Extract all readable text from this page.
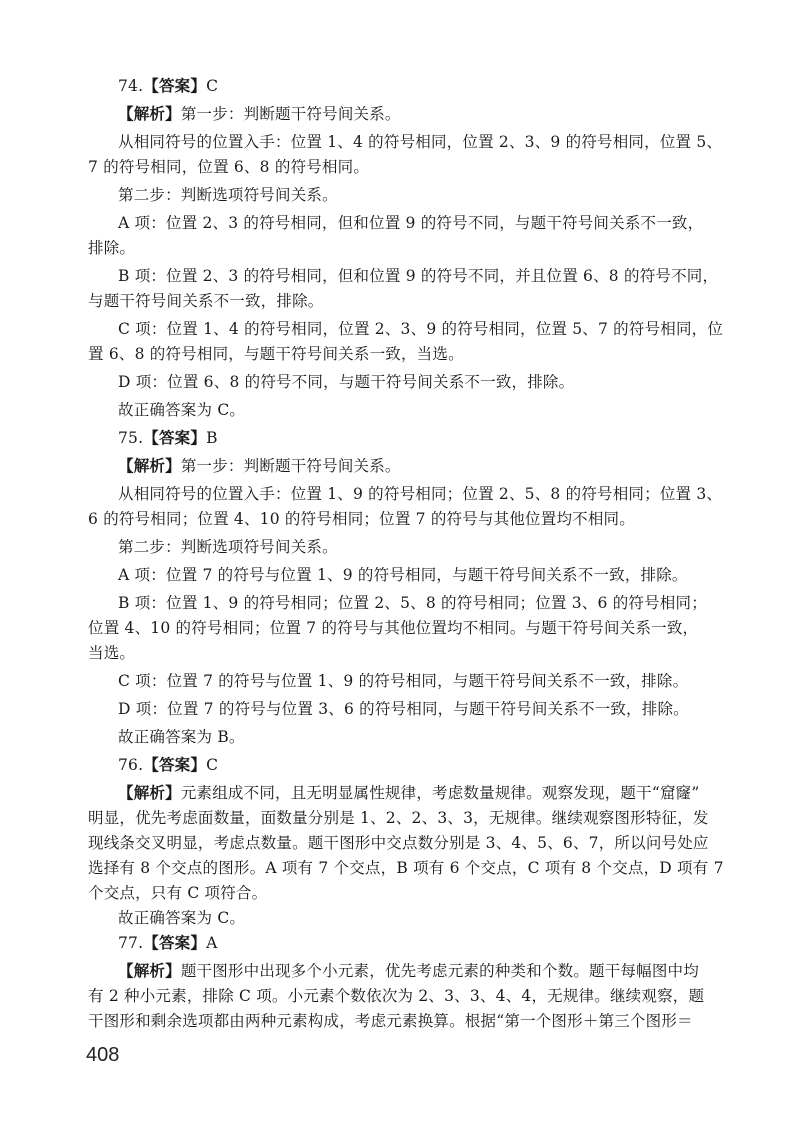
74.【答案】C
【解析】第一步：判断题干符号间关系。
从相同符号的位置入手：位置 1、4 的符号相同，位置 2、3、9 的符号相同，位置 5、
7 的符号相同，位置 6、8 的符号相同。
第二步：判断选项符号间关系。
A 项：位置 2、3 的符号相同，但和位置 9 的符号不同，与题干符号间关系不一致，
排除。
B 项：位置 2、3 的符号相同，但和位置 9 的符号不同，并且位置 6、8 的符号不同，
与题干符号间关系不一致，排除。
C 项：位置 1、4 的符号相同，位置 2、3、9 的符号相同，位置 5、7 的符号相同，位
置 6、8 的符号相同，与题干符号间关系一致，当选。
D 项：位置 6、8 的符号不同，与题干符号间关系不一致，排除。
故正确答案为 C。
75.【答案】B
【解析】第一步：判断题干符号间关系。
从相同符号的位置入手：位置 1、9 的符号相同；位置 2、5、8 的符号相同；位置 3、
6 的符号相同；位置 4、10 的符号相同；位置 7 的符号与其他位置均不相同。
第二步：判断选项符号间关系。
A 项：位置 7 的符号与位置 1、9 的符号相同，与题干符号间关系不一致，排除。
B 项：位置 1、9 的符号相同；位置 2、5、8 的符号相同；位置 3、6 的符号相同；
位置 4、10 的符号相同；位置 7 的符号与其他位置均不相同。与题干符号间关系一致，
当选。
C 项：位置 7 的符号与位置 1、9 的符号相同，与题干符号间关系不一致，排除。
D 项：位置 7 的符号与位置 3、6 的符号相同，与题干符号间关系不一致，排除。
故正确答案为 B。
76.【答案】C
【解析】元素组成不同，且无明显属性规律，考虑数量规律。观察发现，题干“窟窿”
明显，优先考虑面数量，面数量分别是 1、2、2、3、3，无规律。继续观察图形特征，发
现线条交叉明显，考虑点数量。题干图形中交点数分别是 3、4、5、6、7，所以问号处应
选择有 8 个交点的图形。A 项有 7 个交点，B 项有 6 个交点，C 项有 8 个交点，D 项有 7
个交点，只有 C 项符合。
故正确答案为 C。
77.【答案】A
【解析】题干图形中出现多个小元素，优先考虑元素的种类和个数。题干每幅图中均
有 2 种小元素，排除 C 项。小元素个数依次为 2、3、3、4、4，无规律。继续观察，题
干图形和剩余选项都由两种元素构成，考虑元素换算。根据“第一个图形＋第三个图形＝
408
